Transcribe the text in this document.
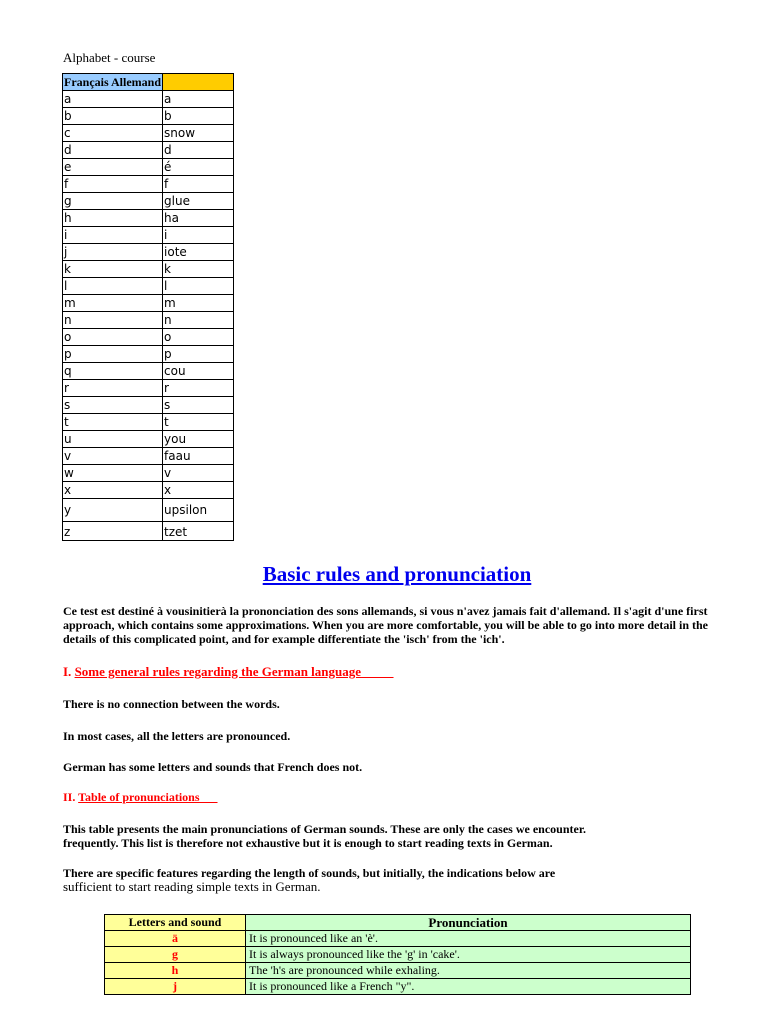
Alphabet - course
Français Allemand	
a	a
b	b
c	snow
d	d
e	é
f	f
g	glue
h	ha
i	i
j	iote
k	k
l	l
m	m
n	n
o	o
p	p
q	cou
r	r
s	s
t	t
u	you
v	faau
w	v
x	x
y	upsilon
z	tzet
Basic rules and pronunciation
Ce test est destiné à vousinitierà la prononciation des sons allemands, si vous n'avez jamais fait d'allemand. Il s'agit d'une first approach, which contains some approximations. When you are more comfortable, you will be able to go into more detail in the details of this complicated point, and for example differentiate the 'isch' from the 'ich'.
I. Some general rules regarding the German language
There is no connection between the words.
In most cases, all the letters are pronounced.
German has some letters and sounds that French does not.
II. Table of pronunciations
This table presents the main pronunciations of German sounds. These are only the cases we encounter.
frequently. This list is therefore not exhaustive but it is enough to start reading texts in German.
There are specific features regarding the length of sounds, but initially, the indications below are
sufficient to start reading simple texts in German.
Letters and sound	Pronunciation
ä	It is pronounced like an 'è'.
g	It is always pronounced like the 'g' in 'cake'.
h	The 'h's are pronounced while exhaling.
j	It is pronounced like a French "y".
